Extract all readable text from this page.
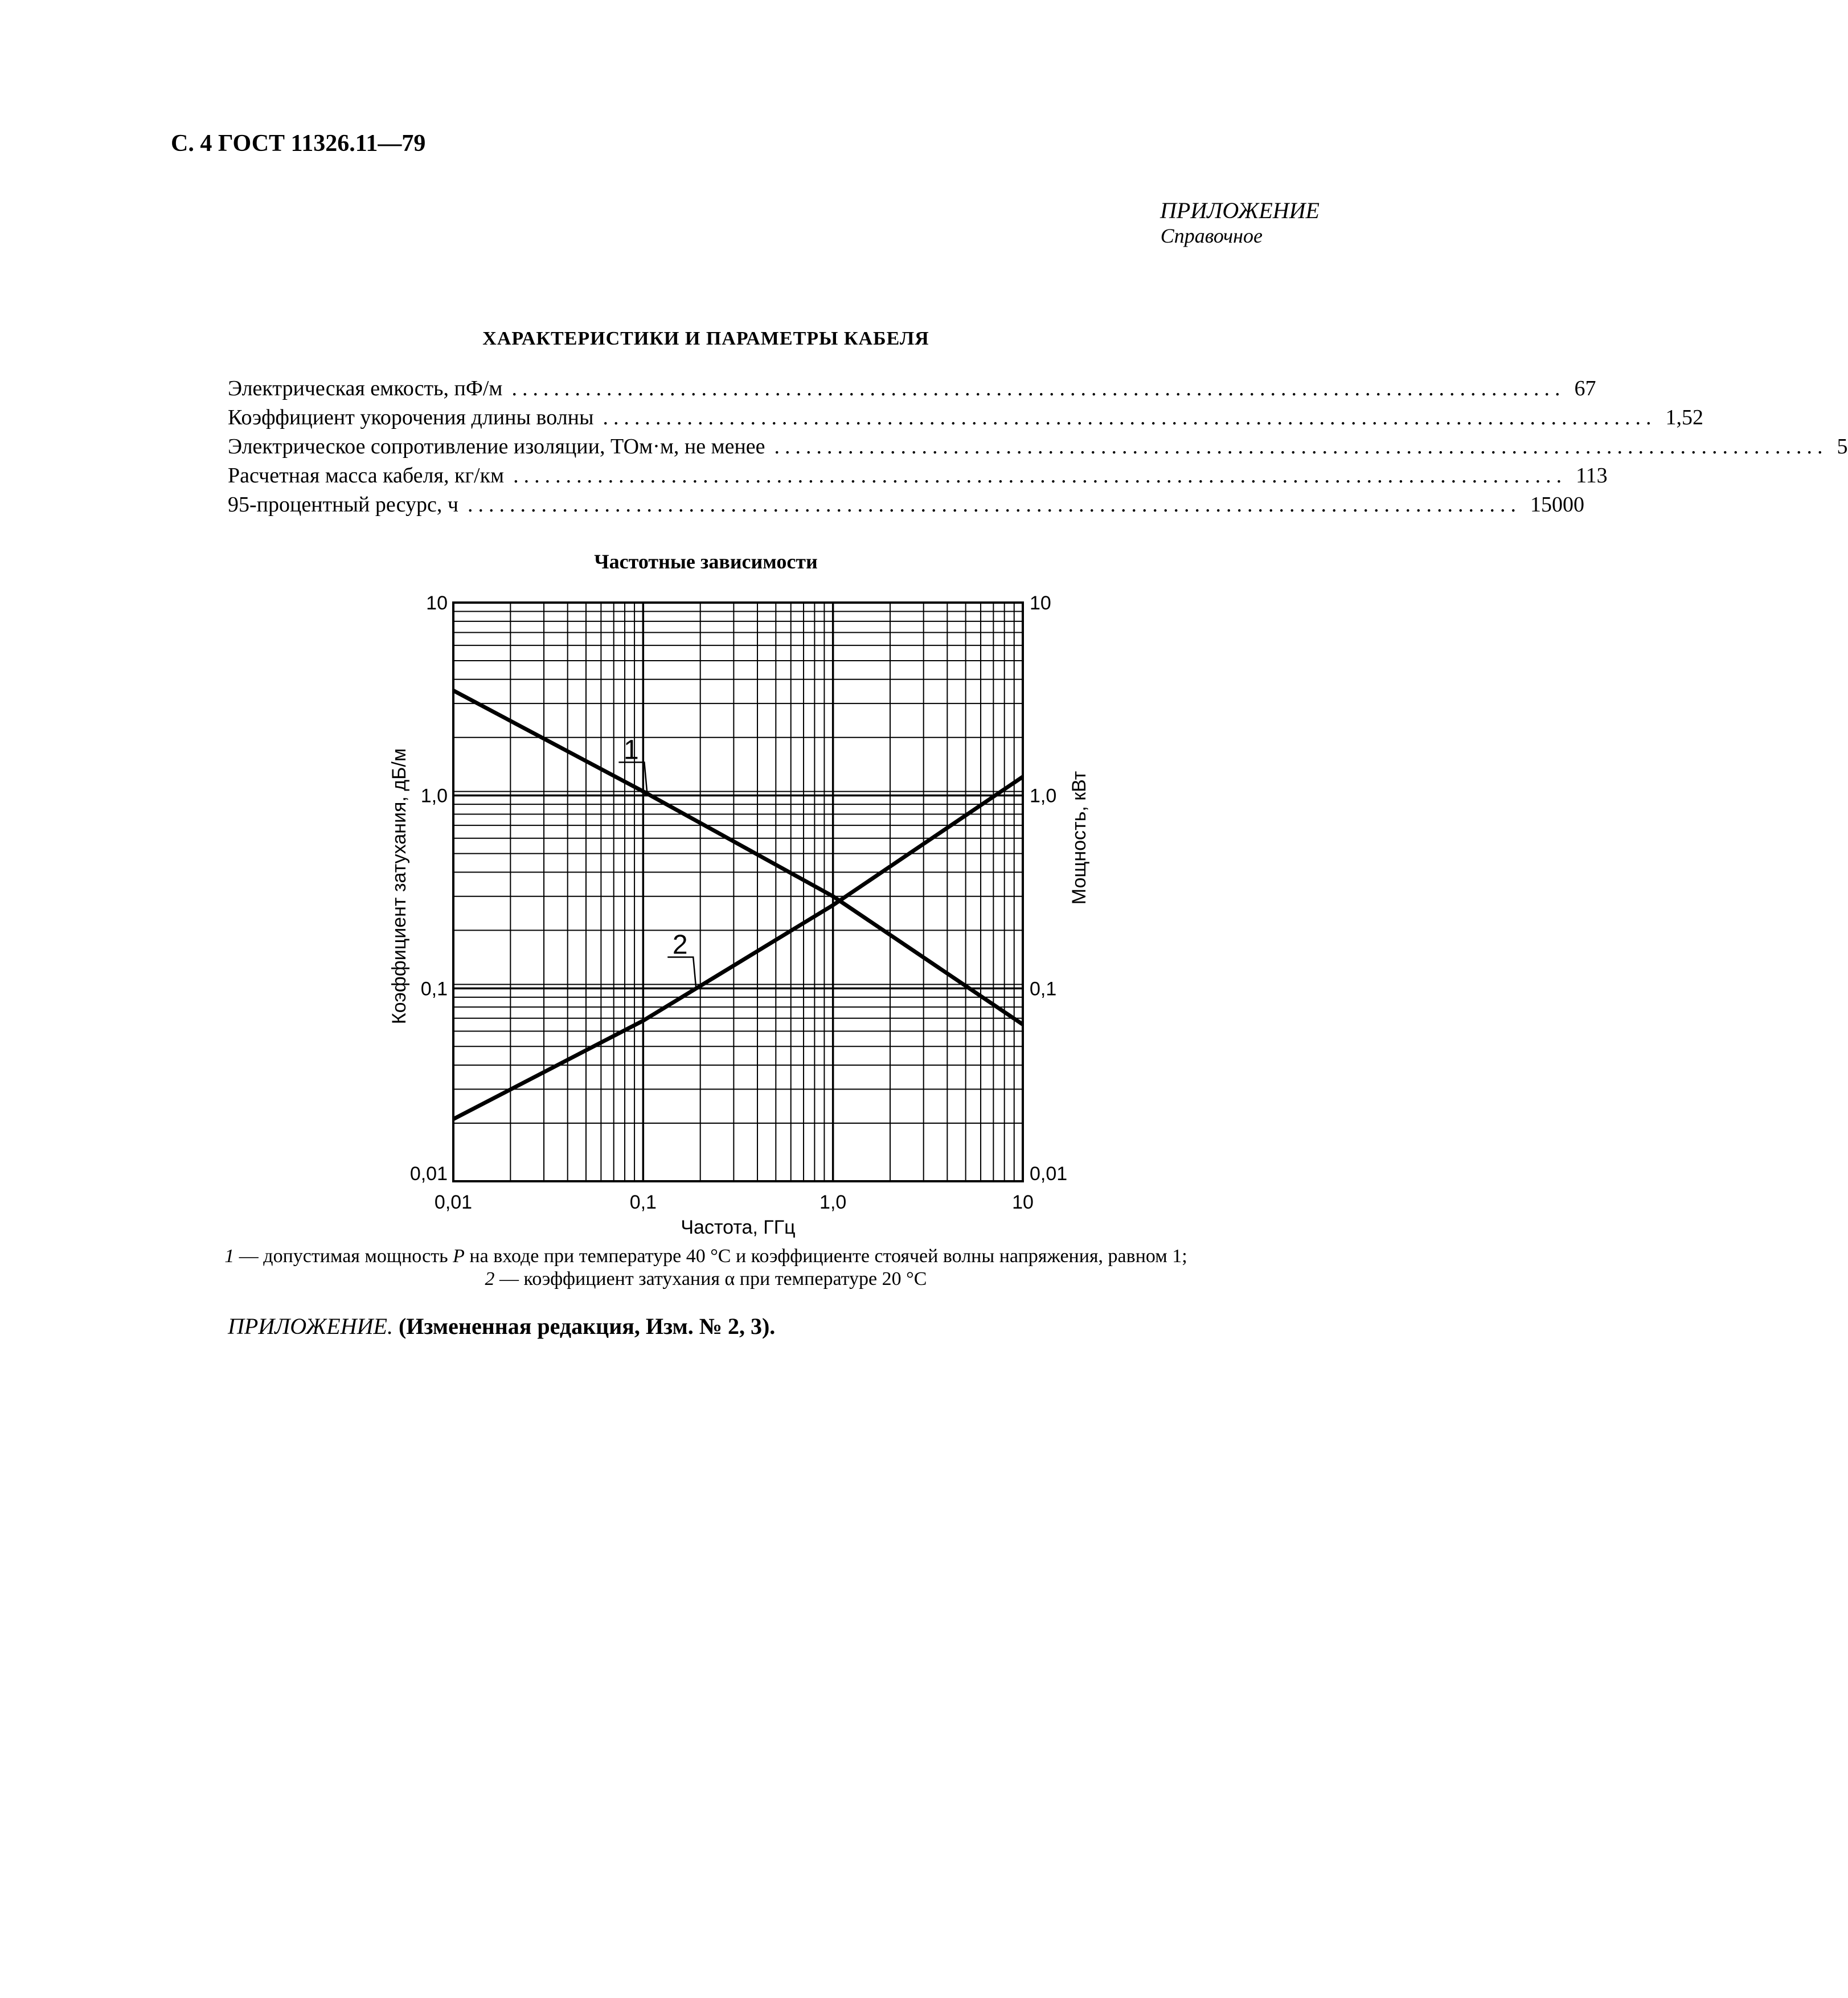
С. 4 ГОСТ 11326.11—79
ПРИЛОЖЕНИЕ
Справочное
ХАРАКТЕРИСТИКИ И ПАРАМЕТРЫ КАБЕЛЯ
Электрическая емкость, пФ/м .................................................................................................... 67
Коэффициент укорочения длины волны .................................................................................................... 1,52
Электрическое сопротивление изоляции, ТОм·м, не менее .................................................................................................... 5
Расчетная масса кабеля, кг/км .................................................................................................... 113
95-процентный ресурс, ч .................................................................................................... 15000
Частотные зависимости
1
2
0,01	0,1	1,0	10
0,01
0,1
1,0
10
0,01
0,1
1,0
10
Частота, ГГц
Коэффициент затухания, дБ/м	Мощность, кВт
1 — допустимая мощность P на входе при температуре 40 °С и коэффициенте стоячей волны напряжения, равном 1;
2 — коэффициент затухания α при температуре 20 °С
ПРИЛОЖЕНИЕ. (Измененная редакция, Изм. № 2, 3).
